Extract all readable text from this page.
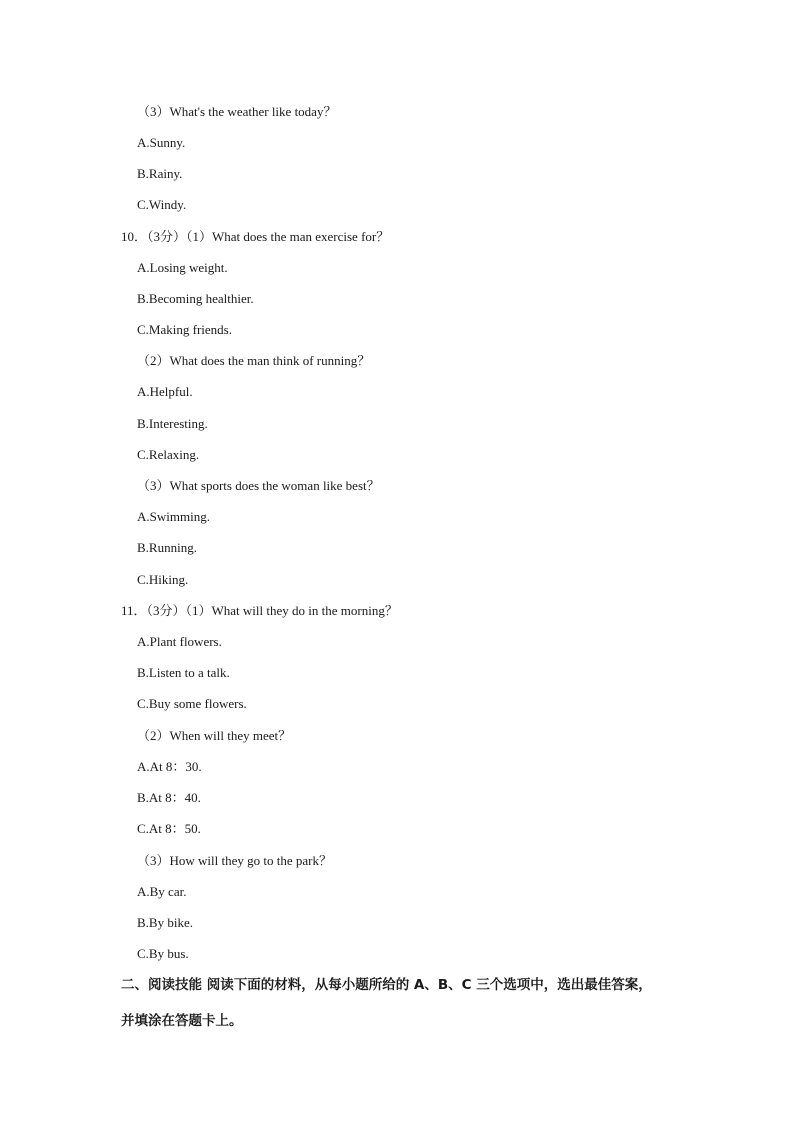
（3）What's the weather like today？
A.Sunny.
B.Rainy.
C.Windy.
10．（3分）（1）What does the man exercise for？
A.Losing weight.
B.Becoming healthier.
C.Making friends.
（2）What does the man think of running？
A.Helpful.
B.Interesting.
C.Relaxing.
（3）What sports does the woman like best？
A.Swimming.
B.Running.
C.Hiking.
11．（3分）（1）What will they do in the morning？
A.Plant flowers.
B.Listen to a talk.
C.Buy some flowers.
（2）When will they meet？
A.At 8：30.
B.At 8：40.
C.At 8：50.
（3）How will they go to the park？
A.By car.
B.By bike.
C.By bus.
二、阅读技能 阅读下面的材料，从每小题所给的 A、B、C 三个选项中，选出最佳答案，
并填涂在答题卡上。
